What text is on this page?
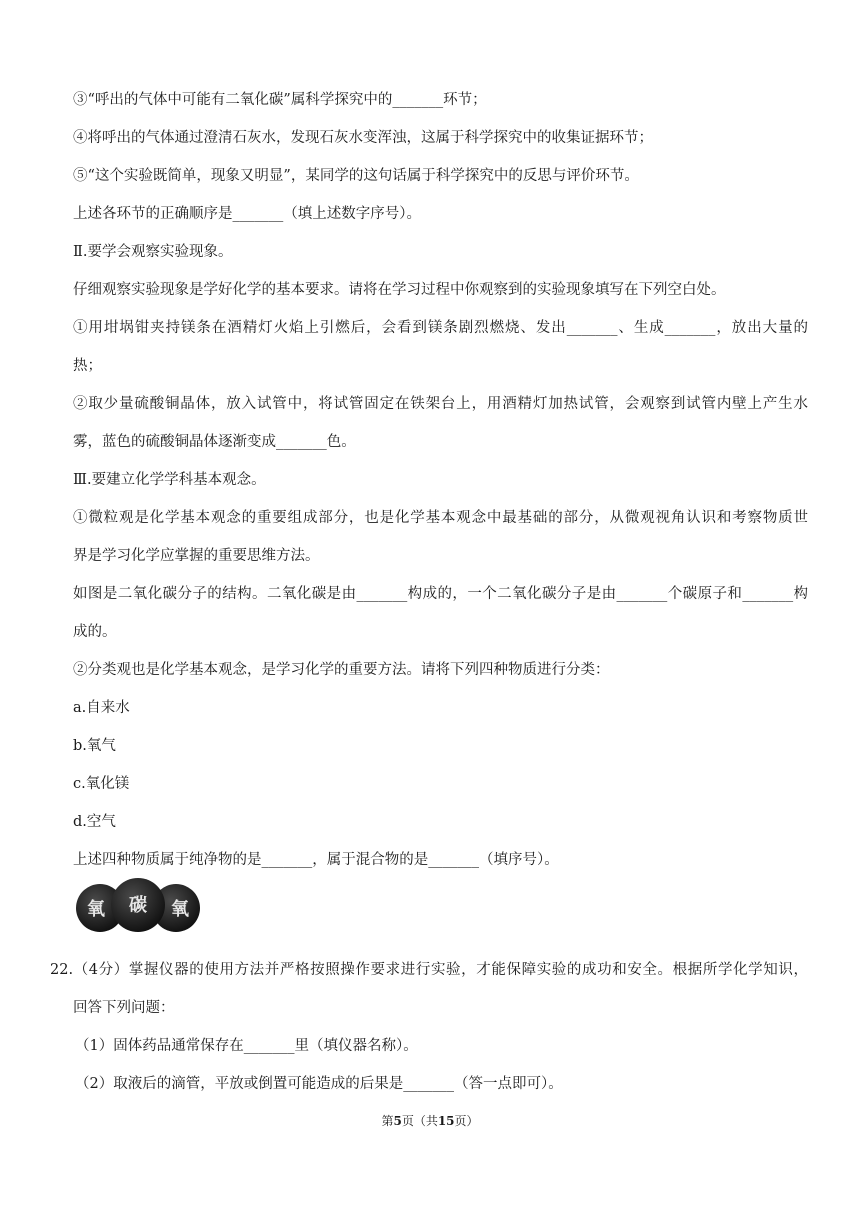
③“呼出的气体中可能有二氧化碳”属科学探究中的_______环节；
④将呼出的气体通过澄清石灰水，发现石灰水变浑浊，这属于科学探究中的收集证据环节；
⑤“这个实验既简单，现象又明显”，某同学的这句话属于科学探究中的反思与评价环节。
上述各环节的正确顺序是_______（填上述数字序号）。
Ⅱ.要学会观察实验现象。
仔细观察实验现象是学好化学的基本要求。请将在学习过程中你观察到的实验现象填写在下列空白处。
①用坩埚钳夹持镁条在酒精灯火焰上引燃后，会看到镁条剧烈燃烧、发出_______、生成_______，放出大量的
热；
②取少量硫酸铜晶体，放入试管中，将试管固定在铁架台上，用酒精灯加热试管，会观察到试管内壁上产生水
雾，蓝色的硫酸铜晶体逐渐变成_______色。
Ⅲ.要建立化学学科基本观念。
①微粒观是化学基本观念的重要组成部分，也是化学基本观念中最基础的部分，从微观视角认识和考察物质世
界是学习化学应掌握的重要思维方法。
如图是二氧化碳分子的结构。二氧化碳是由_______构成的，一个二氧化碳分子是由_______个碳原子和_______构
成的。
②分类观也是化学基本观念，是学习化学的重要方法。请将下列四种物质进行分类：
a.自来水
b.氧气
c.氧化镁
d.空气
上述四种物质属于纯净物的是_______，属于混合物的是_______（填序号）。
氧 碳 氧
22.（4分）掌握仪器的使用方法并严格按照操作要求进行实验，才能保障实验的成功和安全。根据所学化学知识，
回答下列问题：
（1）固体药品通常保存在_______里（填仪器名称）。
（2）取液后的滴管，平放或倒置可能造成的后果是_______（答一点即可）。
第5页（共15页）
